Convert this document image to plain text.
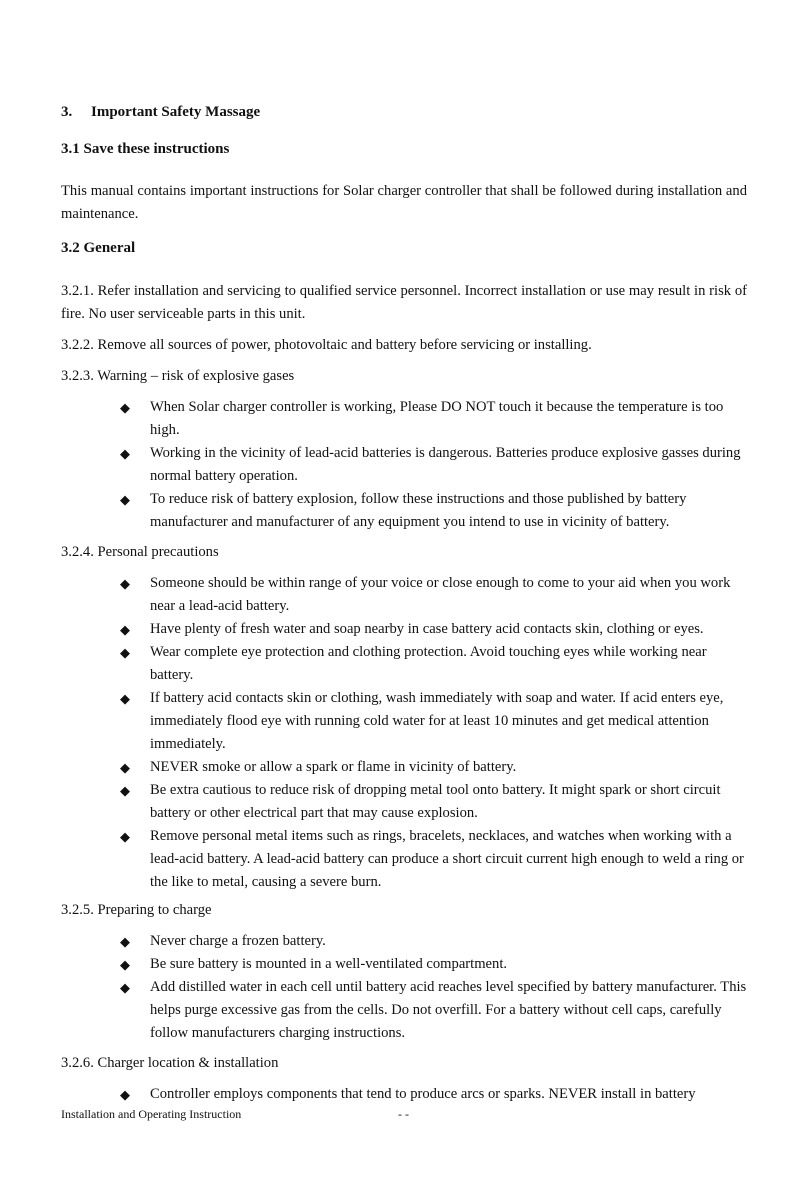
3. Important Safety Massage
3.1 Save these instructions
This manual contains important instructions for Solar charger controller that shall be followed during installation and maintenance.
3.2 General
3.2.1. Refer installation and servicing to qualified service personnel. Incorrect installation or use may result in risk of fire. No user serviceable parts in this unit.
3.2.2. Remove all sources of power, photovoltaic and battery before servicing or installing.
3.2.3. Warning – risk of explosive gases
◆ When Solar charger controller is working, Please DO NOT touch it because the temperature is too high.
◆ Working in the vicinity of lead-acid batteries is dangerous. Batteries produce explosive gasses during normal battery operation.
◆ To reduce risk of battery explosion, follow these instructions and those published by battery manufacturer and manufacturer of any equipment you intend to use in vicinity of battery.
3.2.4. Personal precautions
◆ Someone should be within range of your voice or close enough to come to your aid when you work near a lead-acid battery.
◆ Have plenty of fresh water and soap nearby in case battery acid contacts skin, clothing or eyes.
◆ Wear complete eye protection and clothing protection. Avoid touching eyes while working near battery.
◆ If battery acid contacts skin or clothing, wash immediately with soap and water. If acid enters eye, immediately flood eye with running cold water for at least 10 minutes and get medical attention immediately.
◆ NEVER smoke or allow a spark or flame in vicinity of battery.
◆ Be extra cautious to reduce risk of dropping metal tool onto battery. It might spark or short circuit battery or other electrical part that may cause explosion.
◆ Remove personal metal items such as rings, bracelets, necklaces, and watches when working with a lead-acid battery. A lead-acid battery can produce a short circuit current high enough to weld a ring or the like to metal, causing a severe burn.
3.2.5. Preparing to charge
◆ Never charge a frozen battery.
◆ Be sure battery is mounted in a well-ventilated compartment.
◆ Add distilled water in each cell until battery acid reaches level specified by battery manufacturer. This helps purge excessive gas from the cells. Do not overfill. For a battery without cell caps, carefully follow manufacturers charging instructions.
3.2.6. Charger location & installation
◆ Controller employs components that tend to produce arcs or sparks. NEVER install in battery
Installation and Operating Instruction	- -
